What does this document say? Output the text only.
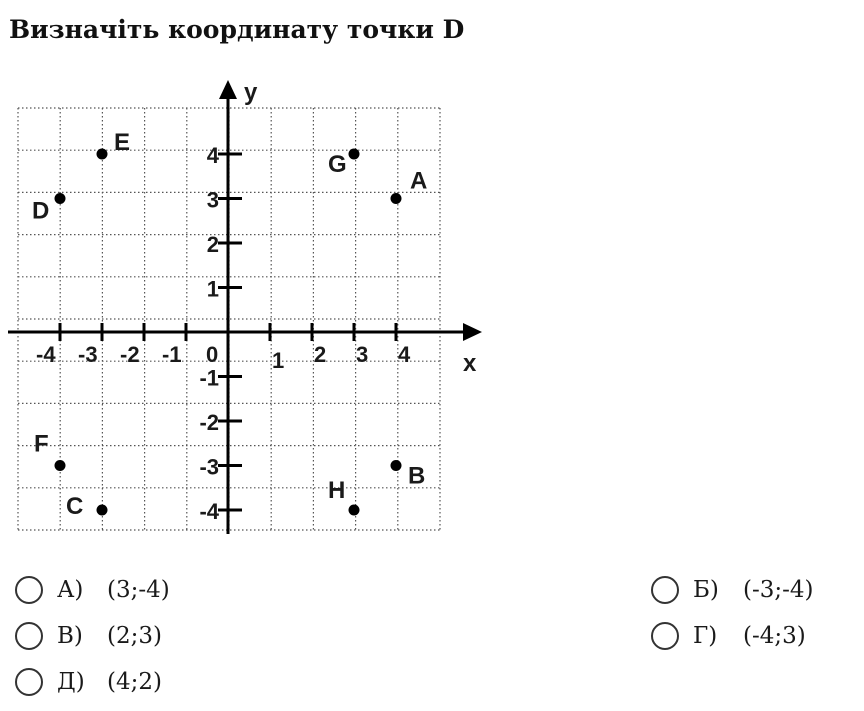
Визначіть координату точки D
x
y
0
-4 -3 -2 -1	1 2 3 4
4
3
2
1
-1
-2
-3
-4
A
B
C
D
E
F
G
H
А)	(3;-4)	Б)	(-3;-4)
В)	(2;3)	Г)	(-4;3)
Д) (4;2)
